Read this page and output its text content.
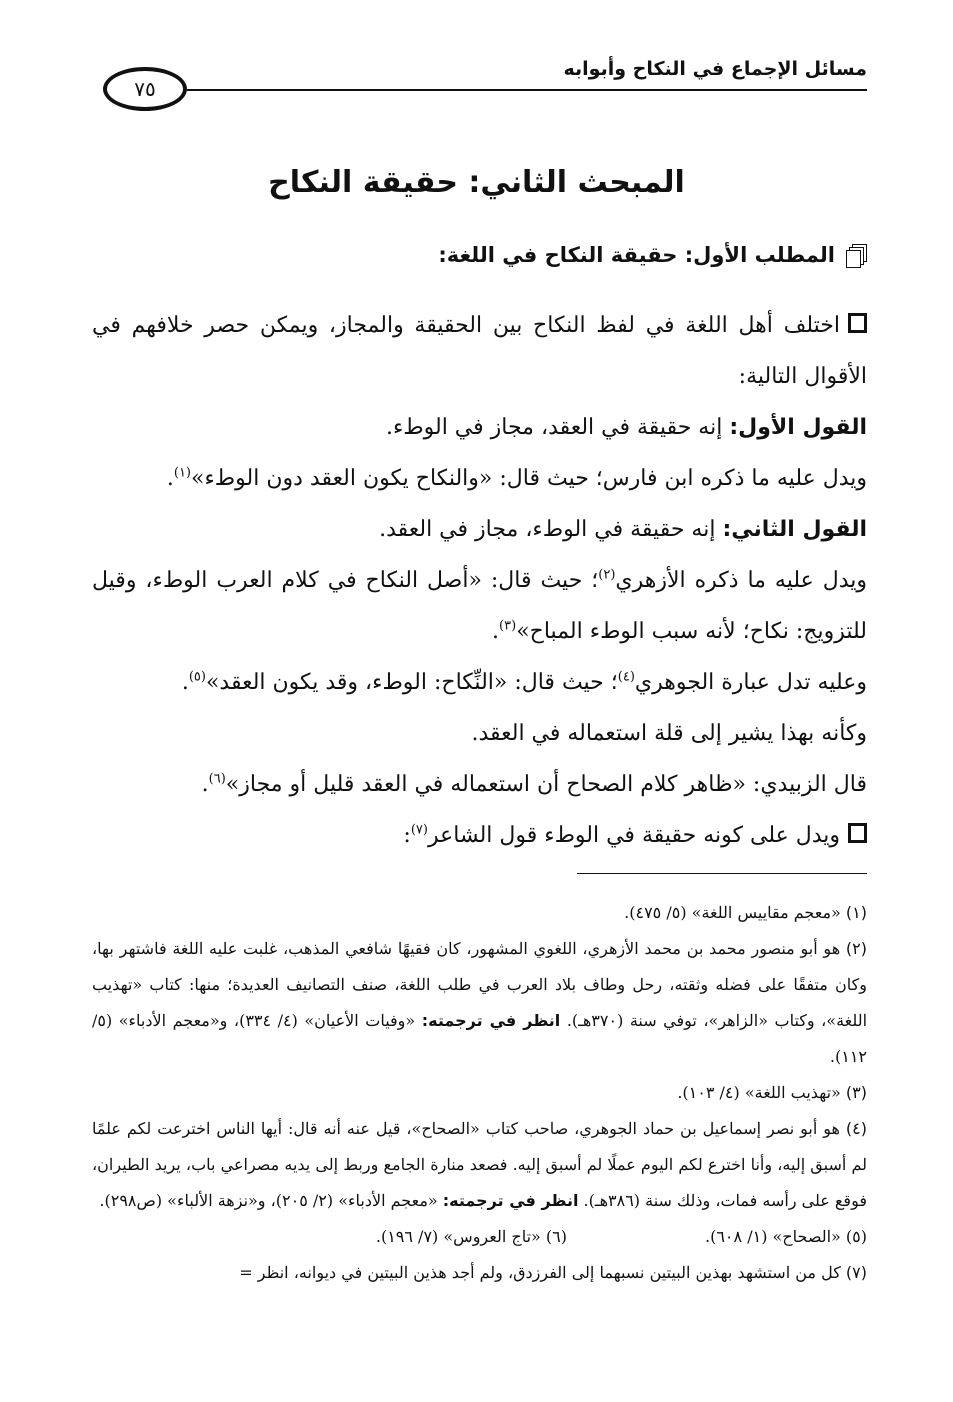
مسائل الإجماع في النكاح وأبوابه
٧٥
المبحث الثاني: حقيقة النكاح
المطلب الأول: حقيقة النكاح في اللغة:

اختلف أهل اللغة في لفظ النكاح بين الحقيقة والمجاز، ويمكن حصر خلافهم في الأقوال التالية:

القول الأول: إنه حقيقة في العقد، مجاز في الوطء.

ويدل عليه ما ذكره ابن فارس؛ حيث قال: «والنكاح يكون العقد دون الوطء»$^{(١)}$.

القول الثاني: إنه حقيقة في الوطء، مجاز في العقد.

ويدل عليه ما ذكره الأزهري$^{(٢)}$؛ حيث قال: «أصل النكاح في كلام العرب الوطء، وقيل للتزويج: نكاح؛ لأنه سبب الوطء المباح»$^{(٣)}$.

وعليه تدل عبارة الجوهري$^{(٤)}$؛ حيث قال: «النِّكاح: الوطء، وقد يكون العقد»$^{(٥)}$.

وكأنه بهذا يشير إلى قلة استعماله في العقد.

قال الزبيدي: «ظاهر كلام الصحاح أن استعماله في العقد قليل أو مجاز»$^{(٦)}$.

ويدل على كونه حقيقة في الوطء قول الشاعر$^{(٧)}$:

(١) «معجم مقاييس اللغة» (٥/ ٤٧٥).

(٢) هو أبو منصور محمد بن محمد الأزهري، اللغوي المشهور، كان فقيهًا شافعي المذهب، غلبت عليه اللغة فاشتهر بها، وكان متفقًا على فضله وثقته، رحل وطاف بلاد العرب في طلب اللغة، صنف التصانيف العديدة؛ منها: كتاب «تهذيب اللغة»، وكتاب «الزاهر»، توفي سنة (٣٧٠هـ). انظر في ترجمته: «وفيات الأعيان» (٤/ ٣٣٤)، و«معجم الأدباء» (٥/ ١١٢).

(٣) «تهذيب اللغة» (٤/ ١٠٣).

(٤) هو أبو نصر إسماعيل بن حماد الجوهري، صاحب كتاب «الصحاح»، قيل عنه أنه قال: أيها الناس اخترعت لكم علمًا لم أسبق إليه، وأنا اخترع لكم اليوم عملًا لم أسبق إليه. فصعد منارة الجامع وربط إلى يديه مصراعي باب، يريد الطيران، فوقع على رأسه فمات، وذلك سنة (٣٨٦هـ). انظر في ترجمته: «معجم الأدباء» (٢/ ٢٠٥)، و«نزهة الألباء» (ص٢٩٨).

(٥) «الصحاح» (١/ ٦٠٨).
(٦) «تاج العروس» (٧/ ١٩٦).

(٧) كل من استشهد بهذين البيتين نسبهما إلى الفرزدق، ولم أجد هذين البيتين في ديوانه، انظر =
